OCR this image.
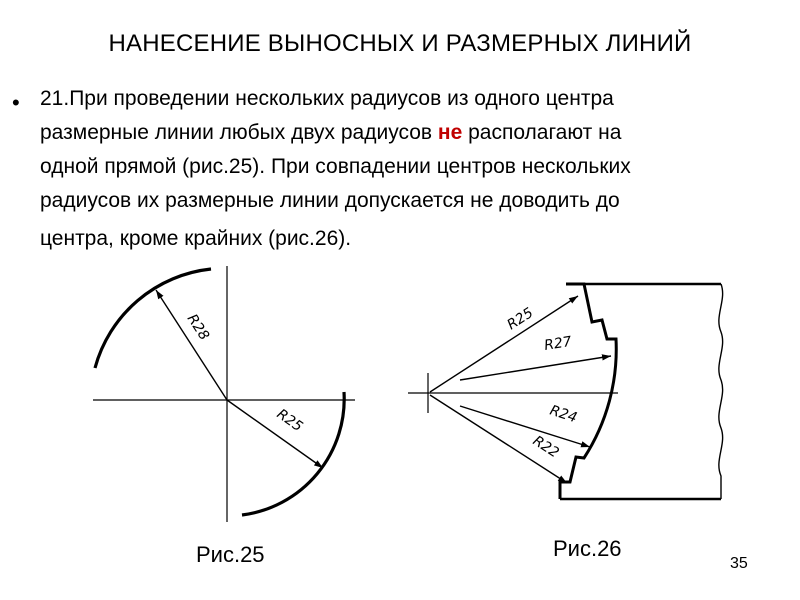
НАНЕСЕНИЕ ВЫНОСНЫХ И РАЗМЕРНЫХ ЛИНИЙ
• 21.При проведении нескольких радиусов из одного центра
размерные линии любых двух радиусов не располагают на
одной прямой (рис.25). При совпадении центров нескольких
радиусов их размерные линии допускается не доводить до
центра, кроме крайних (рис.26).
R28
R25
R25
R27
R24
R22
Рис.25	Рис.26
35
